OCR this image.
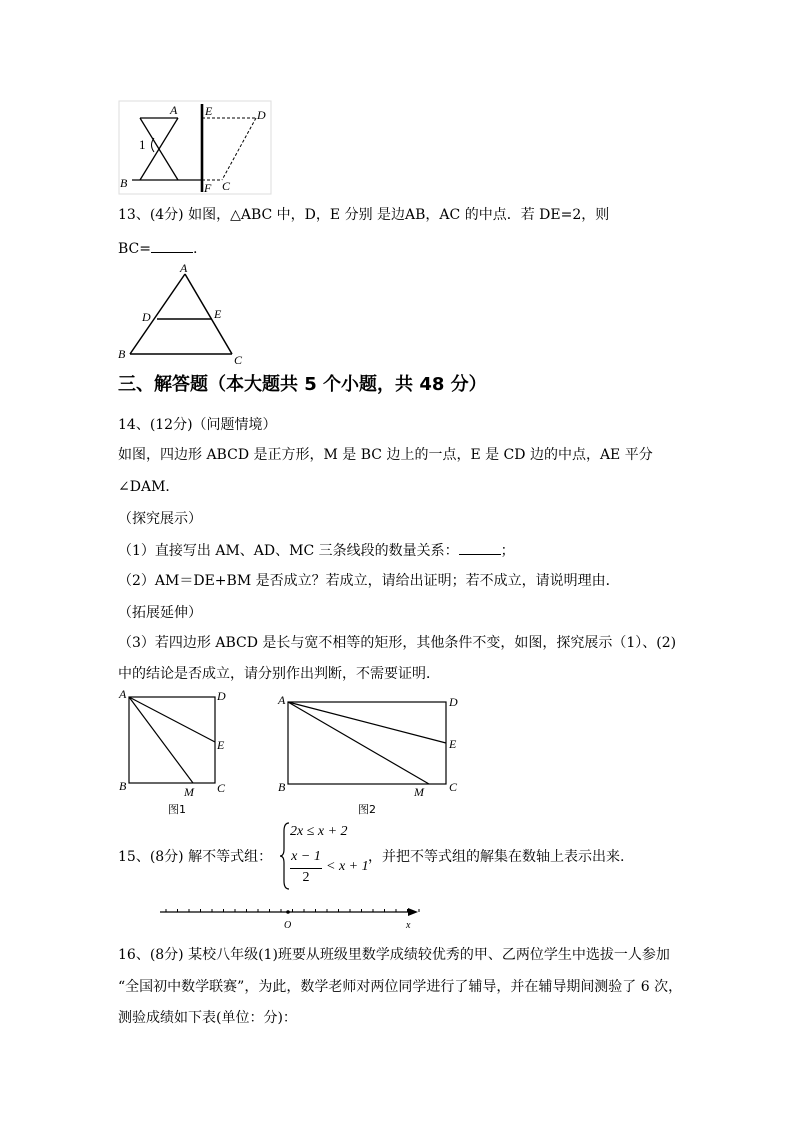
A E	D
1
B	F C
13、(4分) 如图，△ABC 中，D，E 分别 是边AB，AC 的中点．若 DE=2，则
BC=	.
A
D	E
B	C
三、解答题（本大题共 5 个小题，共 48 分）
14、(12分)（问题情境）
如图，四边形 ABCD 是正方形，M 是 BC 边上的一点，E 是 CD 边的中点，AE 平分
∠DAM．
（探究展示）
（1）直接写出 AM、AD、MC 三条线段的数量关系：	；
（2）AM＝DE+BM 是否成立？若成立，请给出证明；若不成立，请说明理由．
（拓展延伸）
（3）若四边形 ABCD 是长与宽不相等的矩形，其他条件不变，如图，探究展示（1）、(2)
中的结论是否成立，请分别作出判断，不需要证明．
A	D
E
B	M C
图1
A	D
E
B	M C
图2
15、(8分) 解不等式组：
2x ≤ x + 2
x − 1
2
< x + 1
，并把不等式组的解集在数轴上表示出来.
O	x
16、(8分) 某校八年级(1)班要从班级里数学成绩较优秀的甲、乙两位学生中选拔一人参加
“全国初中数学联赛”，为此，数学老师对两位同学进行了辅导，并在辅导期间测验了 6 次，
测验成绩如下表(单位：分)：
